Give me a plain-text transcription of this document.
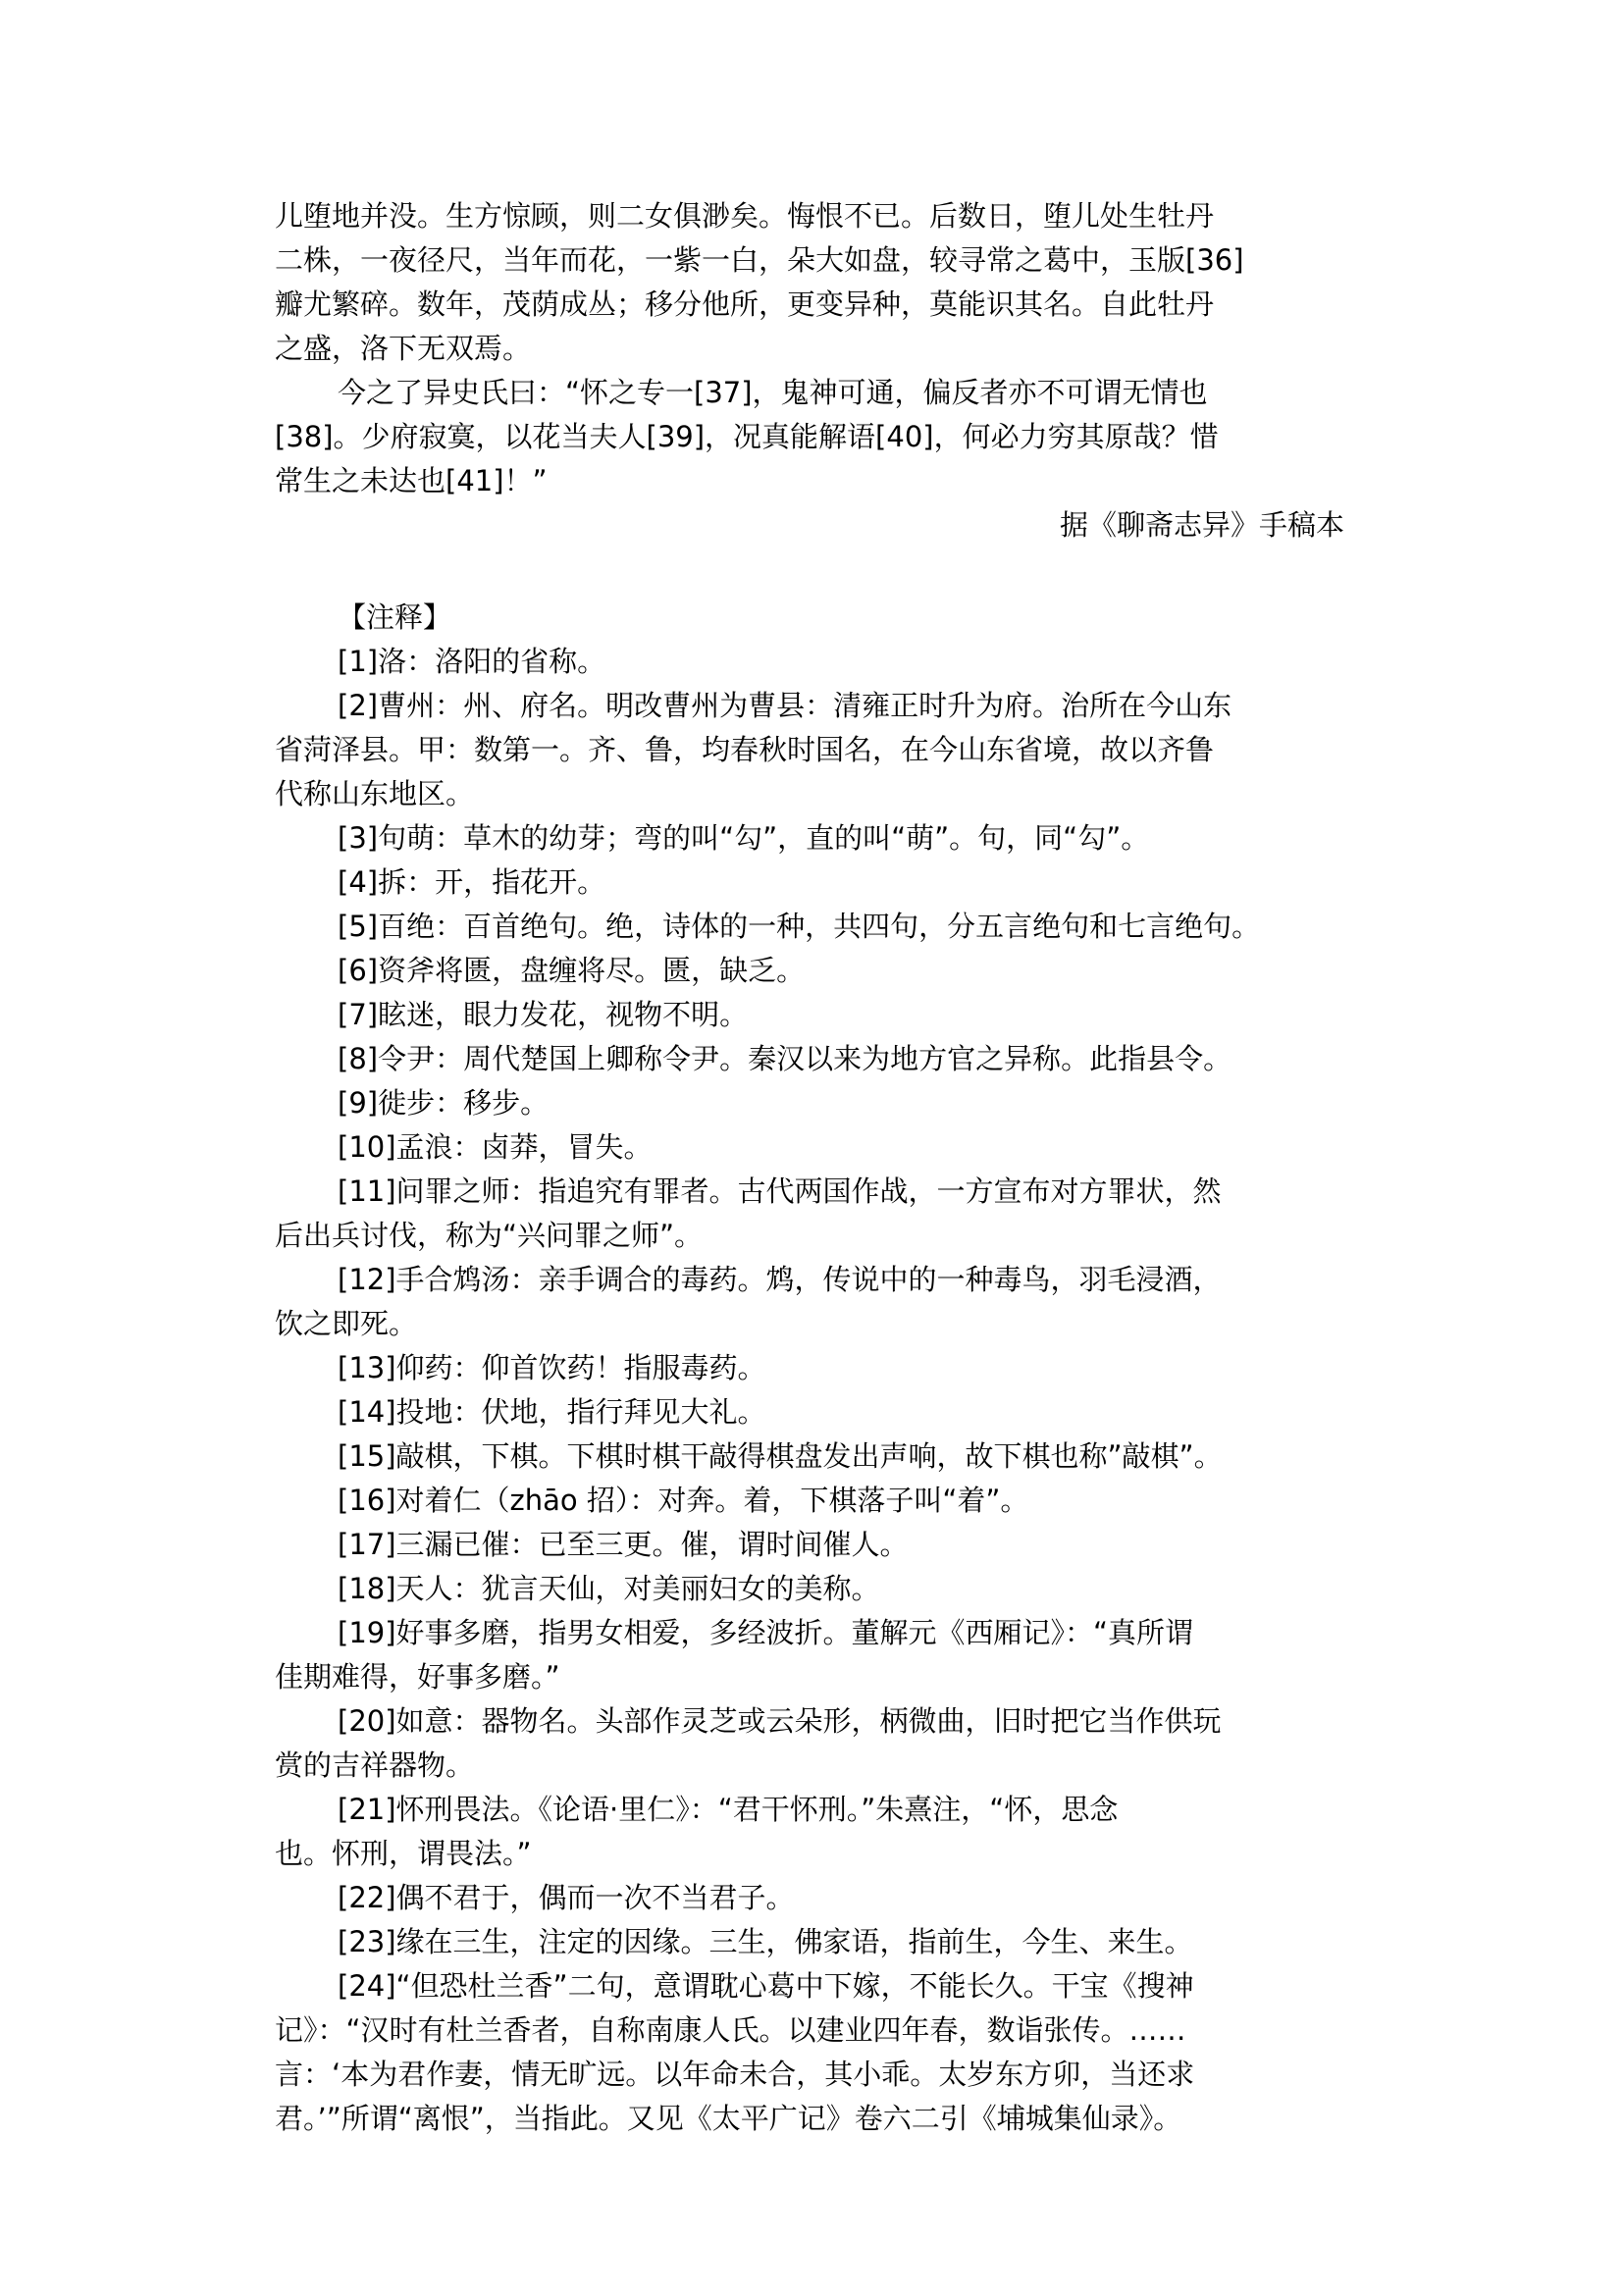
儿堕地并没。生方惊顾，则二女俱渺矣。悔恨不已。后数日，堕儿处生牡丹
二株，一夜径尺，当年而花，一紫一白，朵大如盘，较寻常之葛中，玉版[36]
瓣尤繁碎。数年，茂荫成丛；移分他所，更变异种，莫能识其名。自此牡丹
之盛，洛下无双焉。
今之了异史氏曰：“怀之专一[37]，鬼神可通，偏反者亦不可谓无情也
[38]。少府寂寞，以花当夫人[39]，况真能解语[40]，何必力穷其原哉？惜
常生之未达也[41]！”
据《聊斋志异》手稿本
【注释】
[1]洛：洛阳的省称。
[2]曹州：州、府名。明改曹州为曹县：清雍正时升为府。治所在今山东
省菏泽县。甲：数第一。齐、鲁，均春秋时国名，在今山东省境，故以齐鲁
代称山东地区。
[3]句萌：草木的幼芽；弯的叫“勾”，直的叫“萌”。句，同“勾”。
[4]拆：开，指花开。
[5]百绝：百首绝句。绝，诗体的一种，共四句，分五言绝句和七言绝句。
[6]资斧将匮，盘缠将尽。匮，缺乏。
[7]眩迷，眼力发花，视物不明。
[8]令尹：周代楚国上卿称令尹。秦汉以来为地方官之异称。此指县令。
[9]徙步：移步。
[10]孟浪：卤莽，冒失。
[11]问罪之师：指追究有罪者。古代两国作战，一方宣布对方罪状，然
后出兵讨伐，称为“兴问罪之师”。
[12]手合鸩汤：亲手调合的毒药。鸩，传说中的一种毒鸟，羽毛浸酒，
饮之即死。
[13]仰药：仰首饮药！指服毒药。
[14]投地：伏地，指行拜见大礼。
[15]敲棋，下棋。下棋时棋干敲得棋盘发出声响，故下棋也称”敲棋”。
[16]对着仁（zhāo 招）：对奔。着，下棋落子叫“着”。
[17]三漏已催：已至三更。催，谓时间催人。
[18]天人：犹言天仙，对美丽妇女的美称。
[19]好事多磨，指男女相爱，多经波折。董解元《西厢记》：“真所谓
佳期难得，好事多磨。”
[20]如意：器物名。头部作灵芝或云朵形，柄微曲，旧时把它当作供玩
赏的吉祥器物。
[21]怀刑畏法。《论语·里仁》：“君干怀刑。”朱熹注，“怀，思念
也。怀刑，谓畏法。”
[22]偶不君于，偶而一次不当君子。
[23]缘在三生，注定的因缘。三生，佛家语，指前生，今生、来生。
[24]“但恐杜兰香”二句，意谓耽心葛中下嫁，不能长久。干宝《搜神
记》：“汉时有杜兰香者，自称南康人氏。以建业四年春，数诣张传。……
言：‘本为君作妻，情无旷远。以年命未合，其小乖。太岁东方卯，当还求
君。’”所谓“离恨”，当指此。又见《太平广记》卷六二引《埔城集仙录》。
